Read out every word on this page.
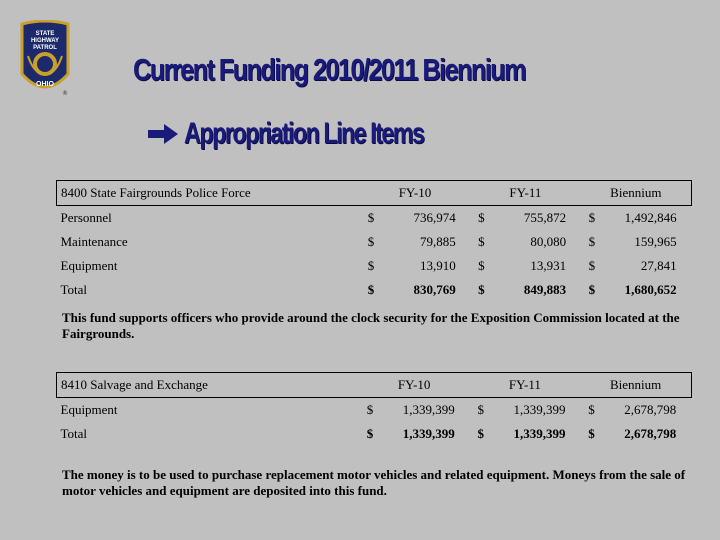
STATE
HIGHWAY
PATROL
OHIO
®
Current Funding 2010/2011 Biennium
Appropriation Line Items
8400 State Fairgrounds Police Force	FY-10	FY-11	Biennium
Personnel	$ 736,974	$ 755,872	$ 1,492,846

Maintenance	$ 79,885	$ 80,080	$ 159,965

Equipment	$ 13,910	$ 13,931	$ 27,841

Total	$ 830,769	$ 849,883	$ 1,680,652
This fund supports officers who provide around the clock security for the Exposition Commission located at the Fairgrounds.
8410 Salvage and Exchange	FY-10	FY-11	Biennium
Equipment	$ 1,339,399	$ 1,339,399	$ 2,678,798

Total	$ 1,339,399	$ 1,339,399	$ 2,678,798
The money is to be used to purchase replacement motor vehicles and related equipment. Moneys from the sale of motor vehicles and equipment are deposited into this fund.
